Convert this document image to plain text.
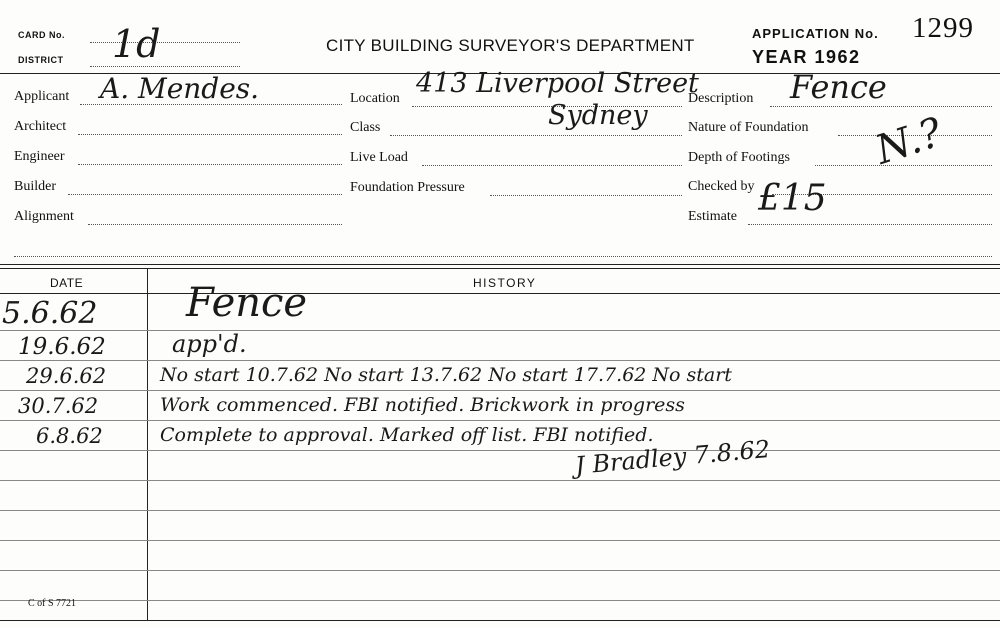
CARD No.
DISTRICT 1d	CITY BUILDING SURVEYOR'S DEPARTMENT
APPLICATION No. 1299
YEAR 1962
Applicant A. Mendes.
Architect
Engineer
Builder
Alignment
Location 413 Liverpool Street
Sydney
Class
Live Load
Foundation Pressure
Description Fence
Nature of Foundation
Depth of Footings
Checked by
N.?
Estimate £15
DATE	HISTORY
5.6.62 Fence
19.6.62	app'd.
29.6.62	No start 10.7.62 No start 13.7.62 No start 17.7.62 No start
30.7.62	Work commenced. FBI notified. Brickwork in progress
6.8.62	Complete to approval. Marked off list. FBI notified.
J Bradley 7.8.62
C of S 7721
